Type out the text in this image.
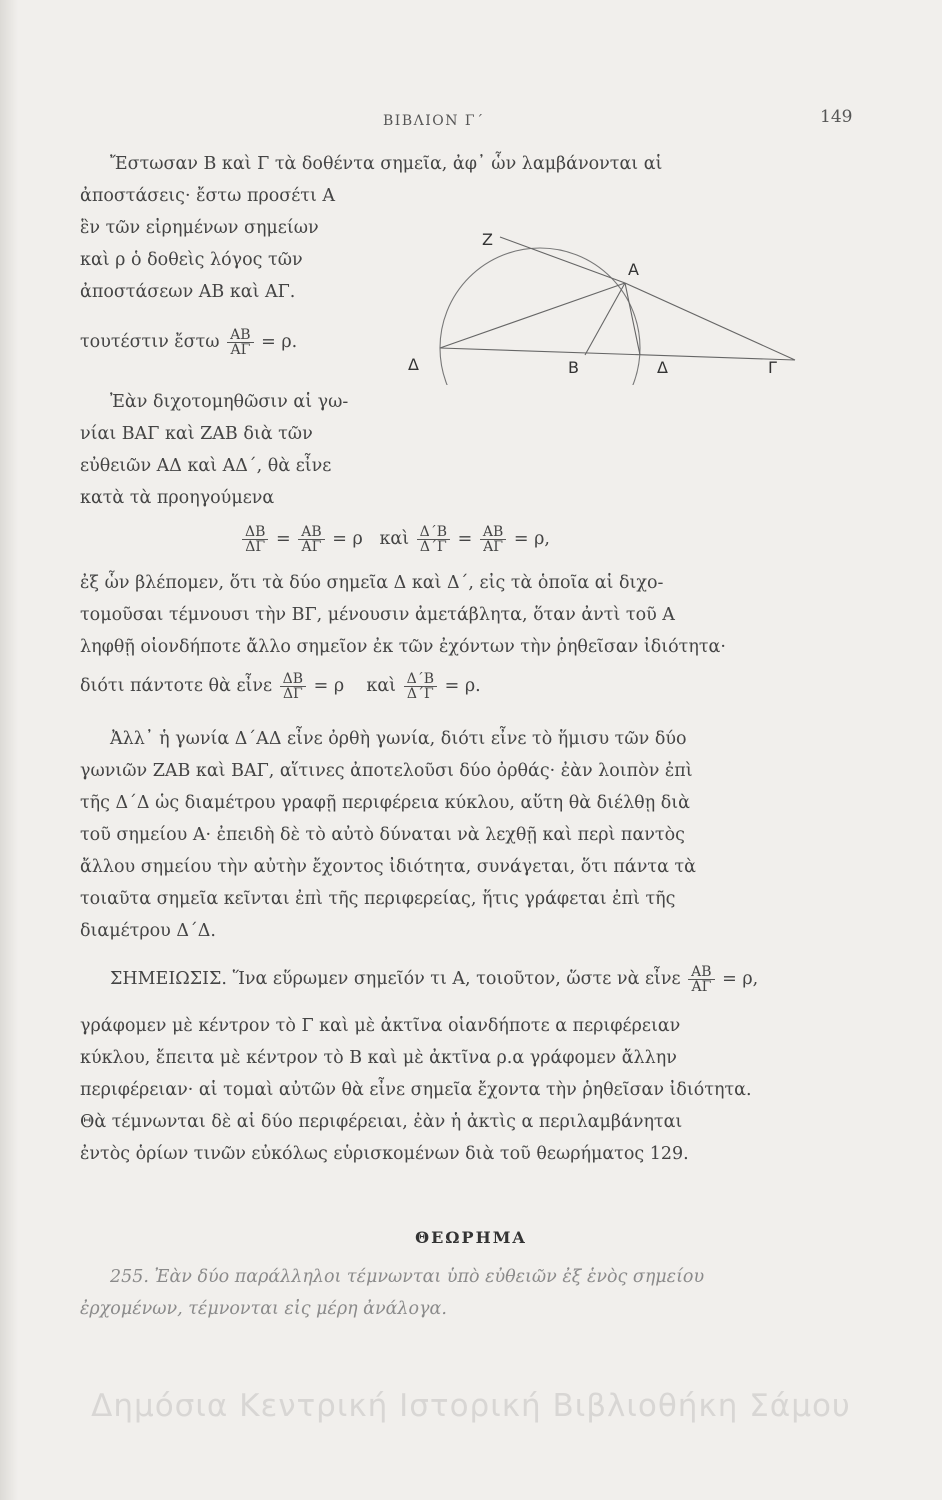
ΒΙΒΛΙΟΝ Γ΄	149
Ἔστωσαν Β καὶ Γ τὰ δοθέντα σημεῖα, ἀφ᾽ ὧν λαμβάνονται αἱ
ἀποστάσεις· ἔστω προσέτι Α
ἓν τῶν εἰρημένων σημείων
καὶ ρ ὁ δοθεὶς λόγος τῶν
ἀποστάσεων ΑΒ καὶ ΑΓ.
τουτέστιν ἔστω $\frac{AB}{A\Gamma} = \rho$.
Ἐὰν διχοτομηθῶσιν αἱ γω-
νίαι ΒΑΓ καὶ ΖΑΒ διὰ τῶν
εὐθειῶν ΑΔ καὶ ΑΔ΄, θὰ εἶνε
κατὰ τὰ προηγούμενα
$\frac{\Delta B}{\Delta\Gamma} = \frac{AB}{A\Gamma} = \rho$ καὶ $\frac{\Delta΄B}{\Delta΄\Gamma} = \frac{AB}{A\Gamma} = \rho$,
ἐξ ὧν βλέπομεν, ὅτι τὰ δύο σημεῖα Δ καὶ Δ΄, εἰς τὰ ὁποῖα αἱ διχο-
τομοῦσαι τέμνουσι τὴν ΒΓ, μένουσιν ἀμετάβλητα, ὅταν ἀντὶ τοῦ Α
ληφθῇ οἱονδήποτε ἄλλο σημεῖον ἐκ τῶν ἐχόντων τὴν ῥηθεῖσαν ἰδιότητα·
διότι πάντοτε θὰ εἶνε $\frac{\Delta B}{\Delta\Gamma} = \rho$ καὶ $\frac{\Delta΄B}{\Delta΄\Gamma} = \rho$.
Ἀλλ᾽ ἡ γωνία Δ΄ΑΔ εἶνε ὀρθὴ γωνία, διότι εἶνε τὸ ἥμισυ τῶν δύο
γωνιῶν ΖΑΒ καὶ ΒΑΓ, αἵτινες ἀποτελοῦσι δύο ὀρθάς· ἐὰν λοιπὸν ἐπὶ
τῆς Δ΄Δ ὡς διαμέτρου γραφῇ περιφέρεια κύκλου, αὕτη θὰ διέλθῃ διὰ
τοῦ σημείου Α· ἐπειδὴ δὲ τὸ αὐτὸ δύναται νὰ λεχθῇ καὶ περὶ παντὸς
ἄλλου σημείου τὴν αὐτὴν ἔχοντος ἰδιότητα, συνάγεται, ὅτι πάντα τὰ
τοιαῦτα σημεῖα κεῖνται ἐπὶ τῆς περιφερείας, ἥτις γράφεται ἐπὶ τῆς
διαμέτρου Δ΄Δ.
ΣΗΜΕΙΩΣΙΣ. Ἵνα εὕρωμεν σημεῖόν τι Α, τοιοῦτον, ὥστε νὰ εἶνε $\frac{AB}{A\Gamma} = \rho$,
γράφομεν μὲ κέντρον τὸ Γ καὶ μὲ ἀκτῖνα οἱανδήποτε α περιφέρειαν
κύκλου, ἔπειτα μὲ κέντρον τὸ Β καὶ μὲ ἀκτῖνα ρ.α γράφομεν ἄλλην
περιφέρειαν· αἱ τομαὶ αὐτῶν θὰ εἶνε σημεῖα ἔχοντα τὴν ῥηθεῖσαν ἰδιότητα.
Θὰ τέμνωνται δὲ αἱ δύο περιφέρειαι, ἐὰν ἡ ἀκτὶς α περιλαμβάνηται
ἐντὸς ὁρίων τινῶν εὐκόλως εὑρισκομένων διὰ τοῦ θεωρήματος 129.
ΘΕΩΡΗΜΑ
255. Ἐὰν δύο παράλληλοι τέμνωνται ὑπὸ εὐθειῶν ἐξ ἑνὸς σημείου
ἐρχομένων, τέμνονται εἰς μέρη ἀνάλογα.
Z
A
Δ	B	Δ	Γ
Δημόσια Κεντρική Ιστορική Βιβλιοθήκη Σάμου
